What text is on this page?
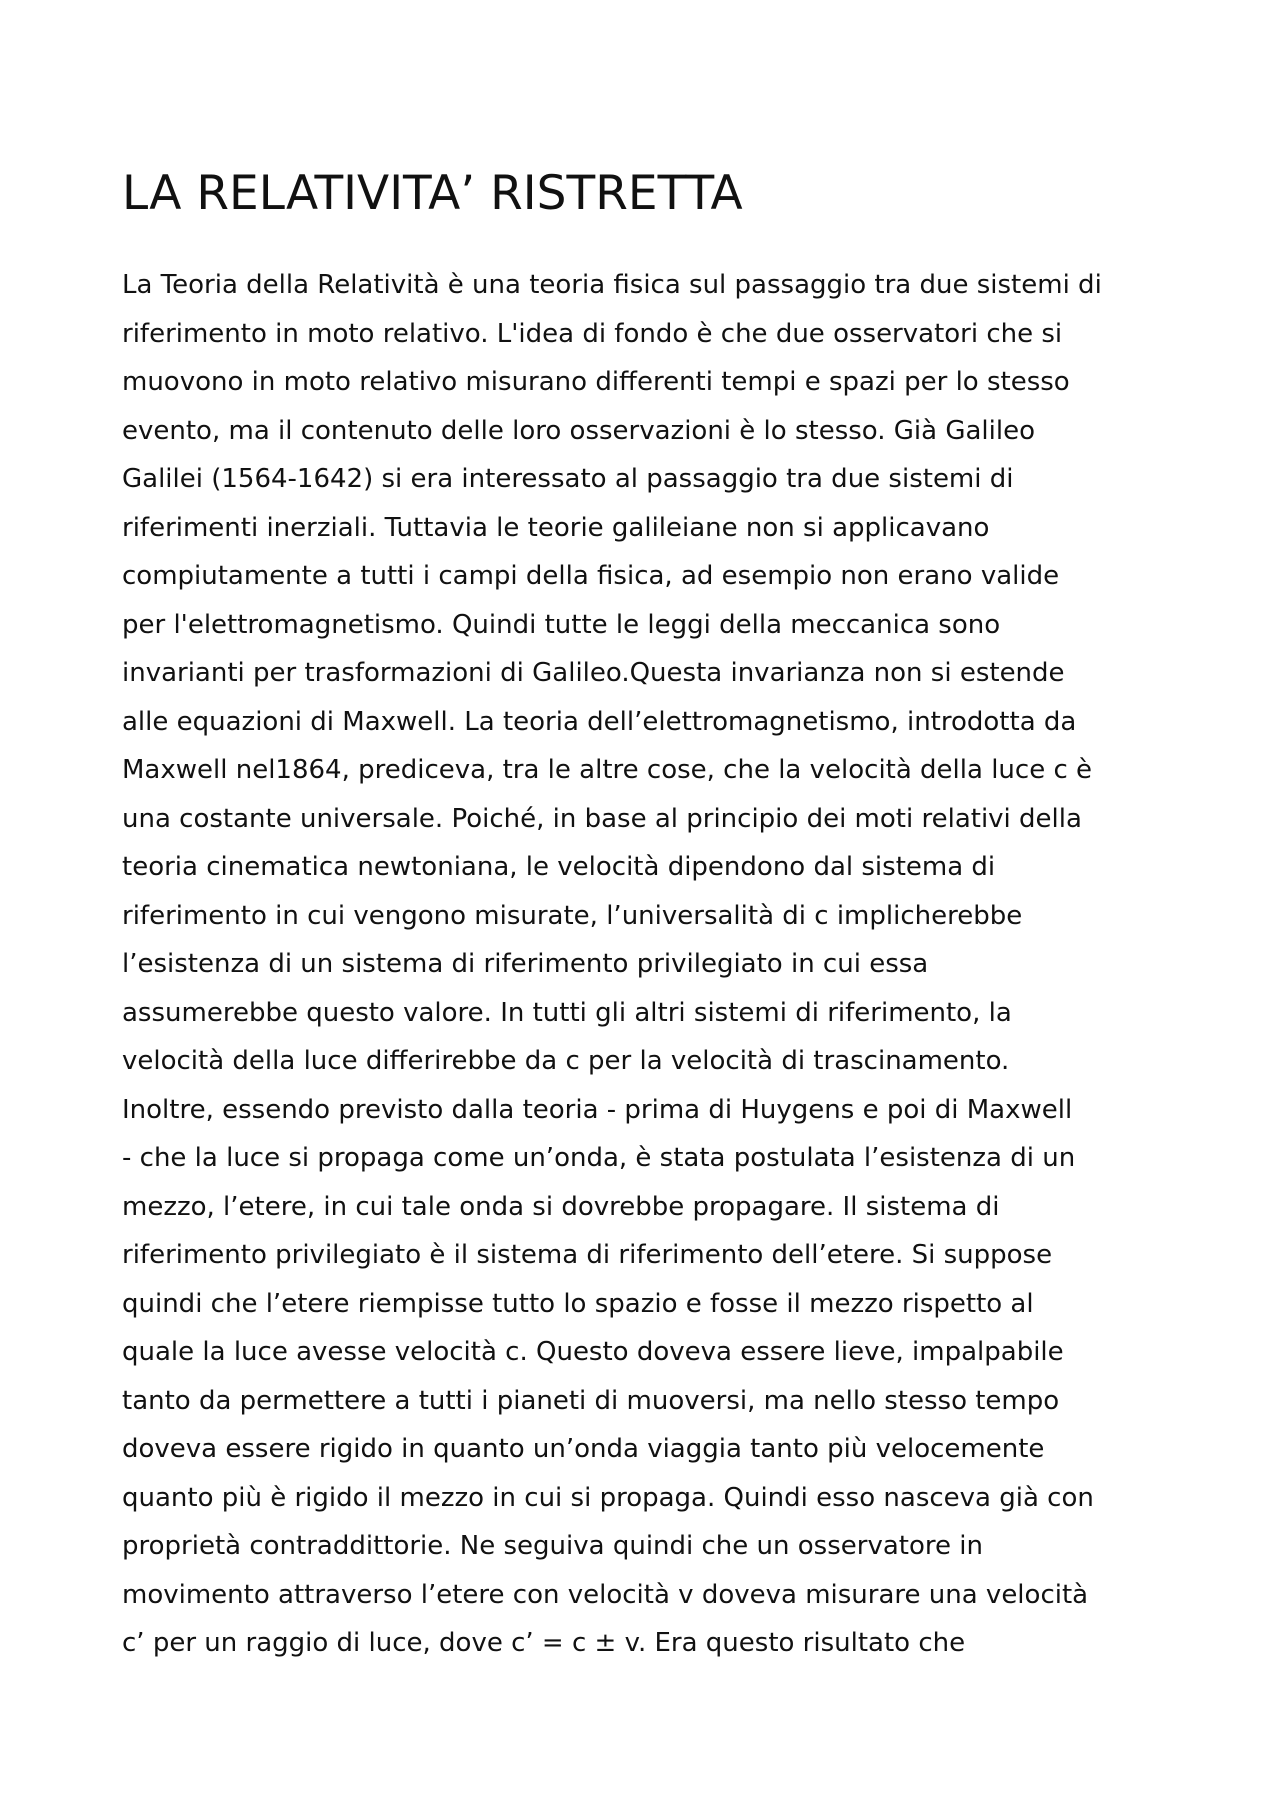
LA RELATIVITA’ RISTRETTA
La Teoria della Relatività è una teoria fisica sul passaggio tra due sistemi di
riferimento in moto relativo. L'idea di fondo è che due osservatori che si
muovono in moto relativo misurano differenti tempi e spazi per lo stesso
evento, ma il contenuto delle loro osservazioni è lo stesso. Già Galileo
Galilei (1564-1642) si era interessato al passaggio tra due sistemi di
riferimenti inerziali. Tuttavia le teorie galileiane non si applicavano
compiutamente a tutti i campi della fisica, ad esempio non erano valide
per l'elettromagnetismo. Quindi tutte le leggi della meccanica sono
invarianti per trasformazioni di Galileo.Questa invarianza non si estende
alle equazioni di Maxwell. La teoria dell’elettromagnetismo, introdotta da
Maxwell nel1864, prediceva, tra le altre cose, che la velocità della luce c è
una costante universale. Poiché, in base al principio dei moti relativi della
teoria cinematica newtoniana, le velocità dipendono dal sistema di
riferimento in cui vengono misurate, l’universalità di c implicherebbe
l’esistenza di un sistema di riferimento privilegiato in cui essa
assumerebbe questo valore. In tutti gli altri sistemi di riferimento, la
velocità della luce differirebbe da c per la velocità di trascinamento.
Inoltre, essendo previsto dalla teoria - prima di Huygens e poi di Maxwell
- che la luce si propaga come un’onda, è stata postulata l’esistenza di un
mezzo, l’etere, in cui tale onda si dovrebbe propagare. Il sistema di
riferimento privilegiato è il sistema di riferimento dell’etere. Si suppose
quindi che l’etere riempisse tutto lo spazio e fosse il mezzo rispetto al
quale la luce avesse velocità c. Questo doveva essere lieve, impalpabile
tanto da permettere a tutti i pianeti di muoversi, ma nello stesso tempo
doveva essere rigido in quanto un’onda viaggia tanto più velocemente
quanto più è rigido il mezzo in cui si propaga. Quindi esso nasceva già con
proprietà contraddittorie. Ne seguiva quindi che un osservatore in
movimento attraverso l’etere con velocità v doveva misurare una velocità
c’ per un raggio di luce, dove c’ = c ± v. Era questo risultato che
